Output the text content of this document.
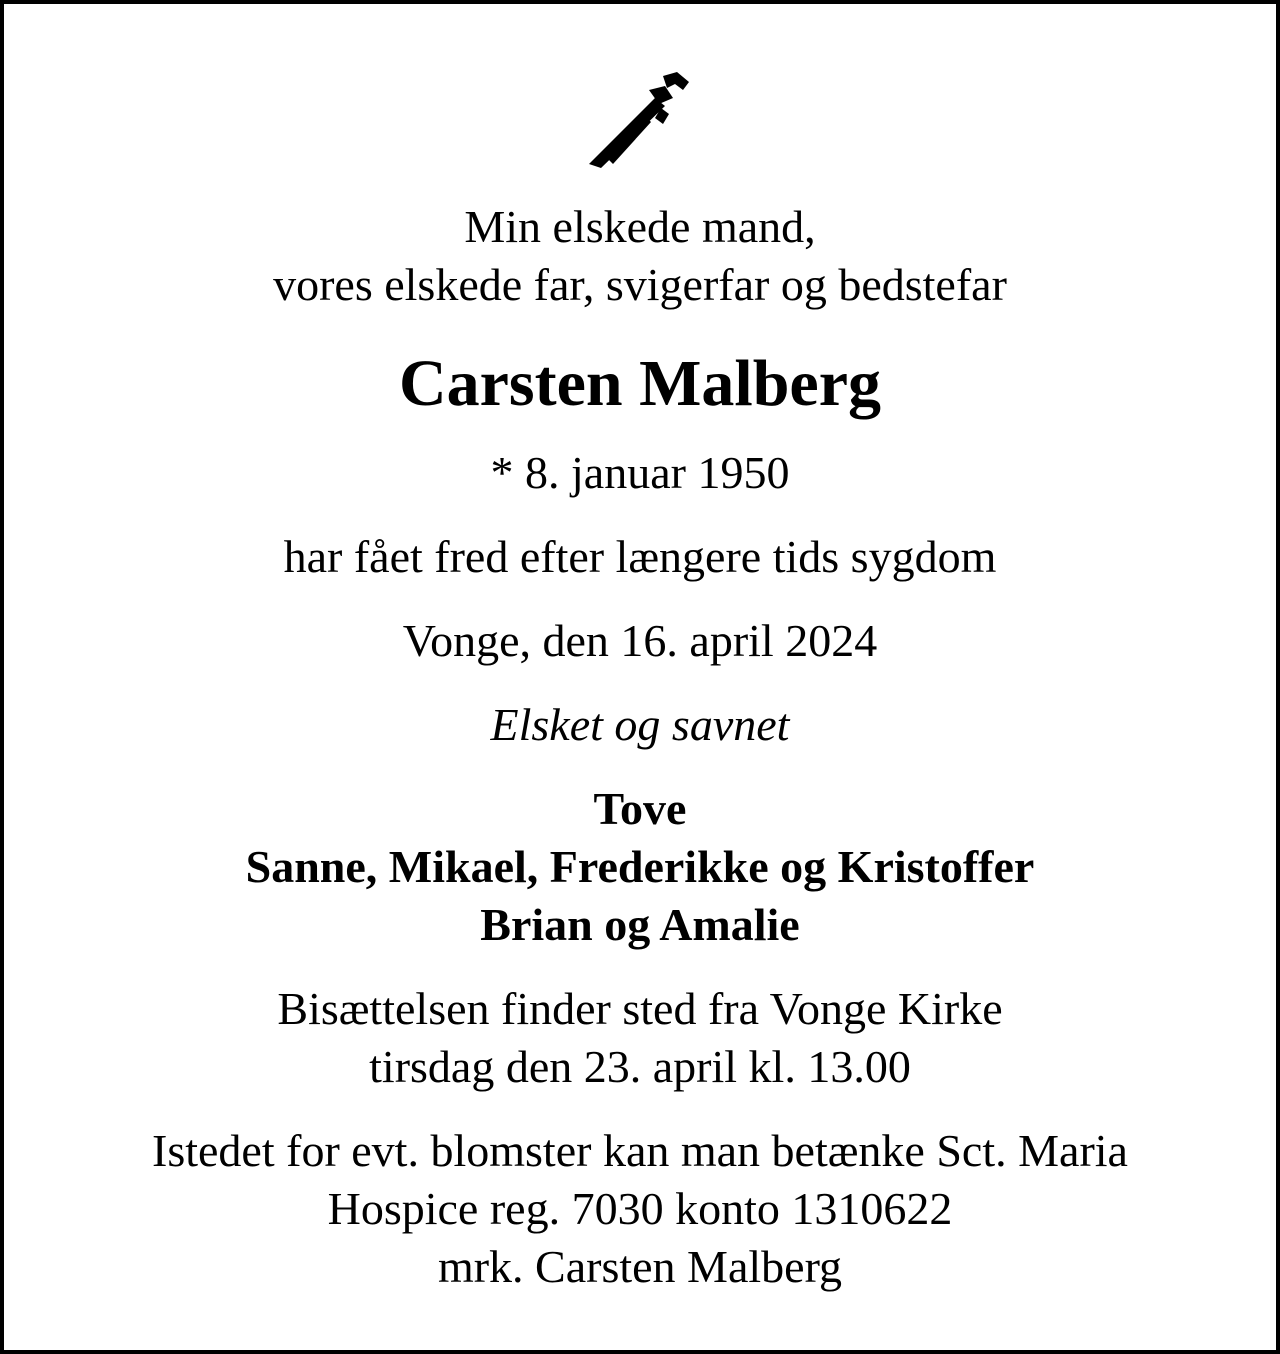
Min elskede mand,
vores elskede far, svigerfar og bedstefar
Carsten Malberg
* 8. januar 1950
har fået fred efter længere tids sygdom
Vonge, den 16. april 2024
Elsket og savnet
Tove
Sanne, Mikael, Frederikke og Kristoffer
Brian og Amalie
Bisættelsen finder sted fra Vonge Kirke
tirsdag den 23. april kl. 13.00
Istedet for evt. blomster kan man betænke Sct. Maria
Hospice reg. 7030 konto 1310622
mrk. Carsten Malberg
